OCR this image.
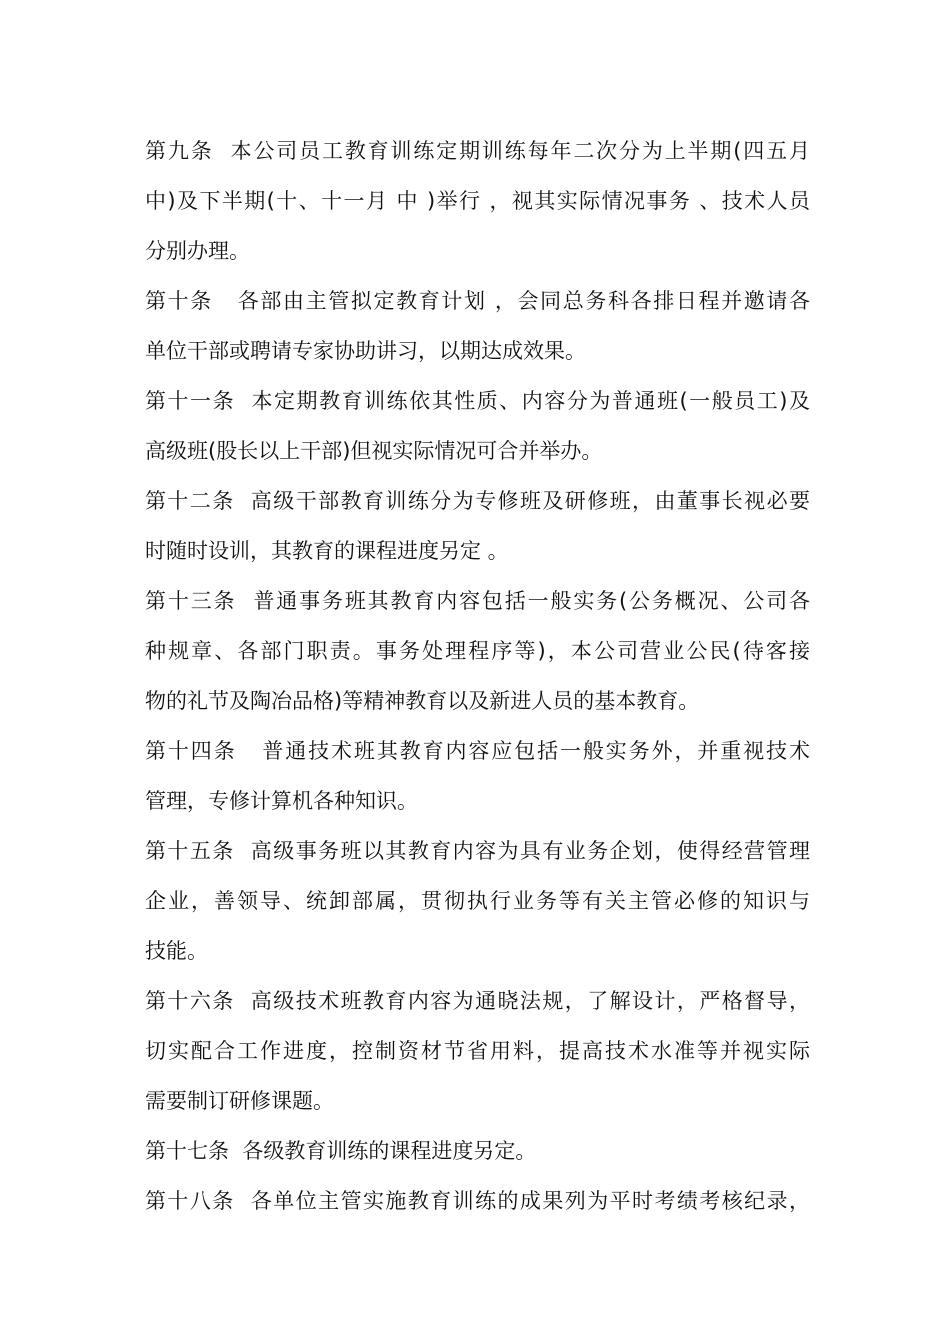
第九条  本公司员工教育训练定期训练每年二次分为上半期(四五月
中)及下半期(十、十一月 中 )举行 ，视其实际情况事务 、技术人员
分别办理。
第十条   各部由主管拟定教育计划 ，会同总务科各排日程并邀请各
单位干部或聘请专家协助讲习，以期达成效果。
第十一条  本定期教育训练依其性质、内容分为普通班(一般员工)及
高级班(股长以上干部)但视实际情况可合并举办。
第十二条  高级干部教育训练分为专修班及研修班，由董事长视必要
时随时设训，其教育的课程进度另定 。
第十三条  普通事务班其教育内容包括一般实务(公务概况、公司各
种规章、各部门职责。事务处理程序等)，本公司营业公民(待客接
物的礼节及陶冶品格)等精神教育以及新进人员的基本教育。
第十四条   普通技术班其教育内容应包括一般实务外，并重视技术
管理，专修计算机各种知识。
第十五条  高级事务班以其教育内容为具有业务企划，使得经营管理
企业，善领导、统卸部属，贯彻执行业务等有关主管必修的知识与
技能。
第十六条  高级技术班教育内容为通晓法规，了解设计，严格督导，
切实配合工作进度，控制资材节省用料，提高技术水准等并视实际
需要制订研修课题。
第十七条  各级教育训练的课程进度另定。
第十八条  各单位主管实施教育训练的成果列为平时考绩考核纪录，
